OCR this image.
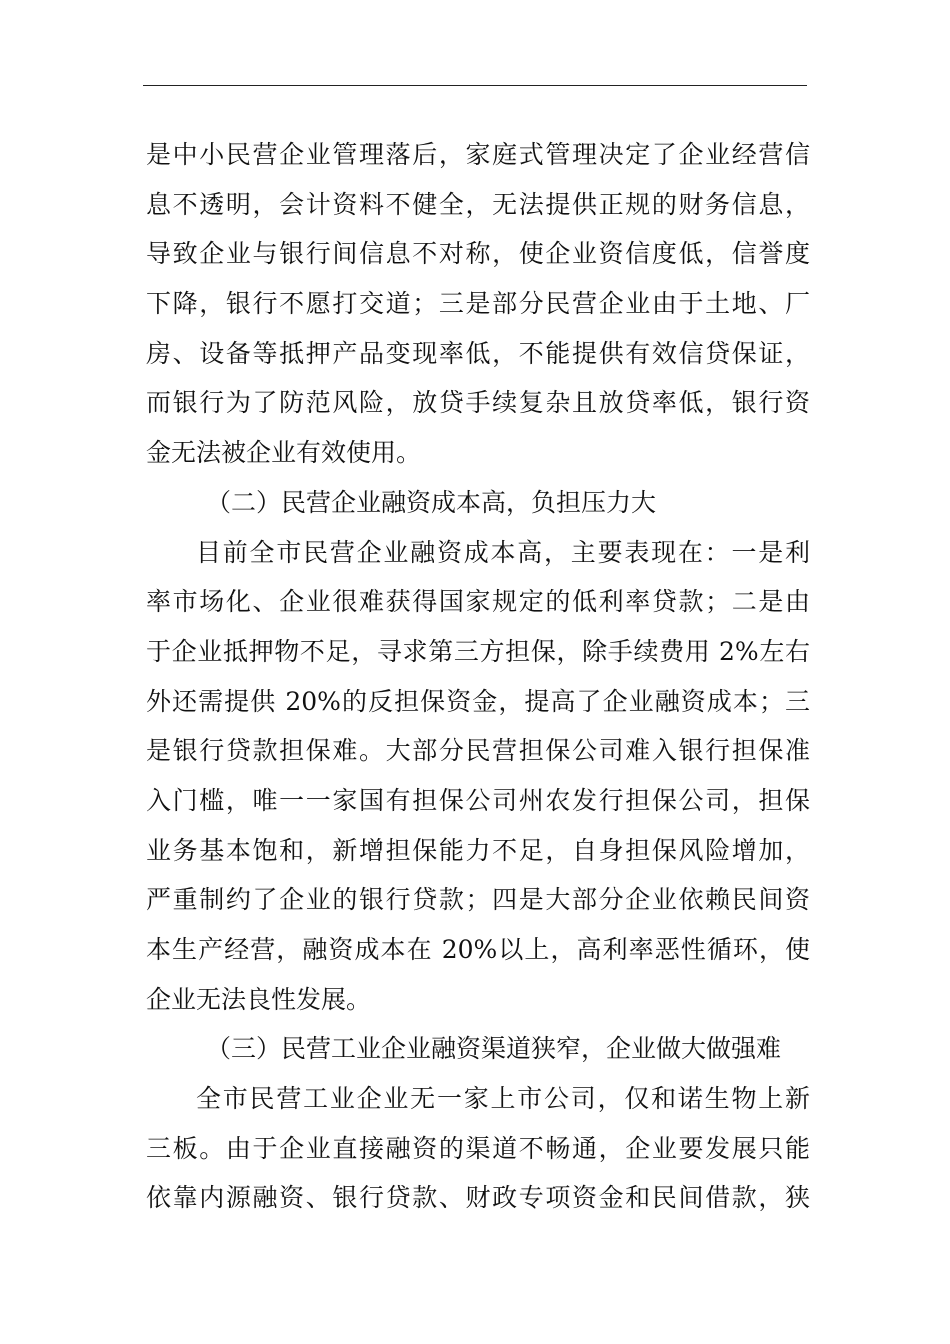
是中小民营企业管理落后，家庭式管理决定了企业经营信
息不透明，会计资料不健全，无法提供正规的财务信息，
导致企业与银行间信息不对称，使企业资信度低，信誉度
下降，银行不愿打交道；三是部分民营企业由于土地、厂
房、设备等抵押产品变现率低，不能提供有效信贷保证，
而银行为了防范风险，放贷手续复杂且放贷率低，银行资
金无法被企业有效使用。
（二）民营企业融资成本高，负担压力大
目前全市民营企业融资成本高，主要表现在：一是利
率市场化、企业很难获得国家规定的低利率贷款；二是由
于企业抵押物不足，寻求第三方担保，除手续费用 2%左右
外还需提供 20%的反担保资金，提高了企业融资成本；三
是银行贷款担保难。大部分民营担保公司难入银行担保准
入门槛，唯一一家国有担保公司州农发行担保公司，担保
业务基本饱和，新增担保能力不足，自身担保风险增加，
严重制约了企业的银行贷款；四是大部分企业依赖民间资
本生产经营，融资成本在 20%以上，高利率恶性循环，使
企业无法良性发展。
（三）民营工业企业融资渠道狭窄，企业做大做强难
全市民营工业企业无一家上市公司，仅和诺生物上新
三板。由于企业直接融资的渠道不畅通，企业要发展只能
依靠内源融资、银行贷款、财政专项资金和民间借款，狭
